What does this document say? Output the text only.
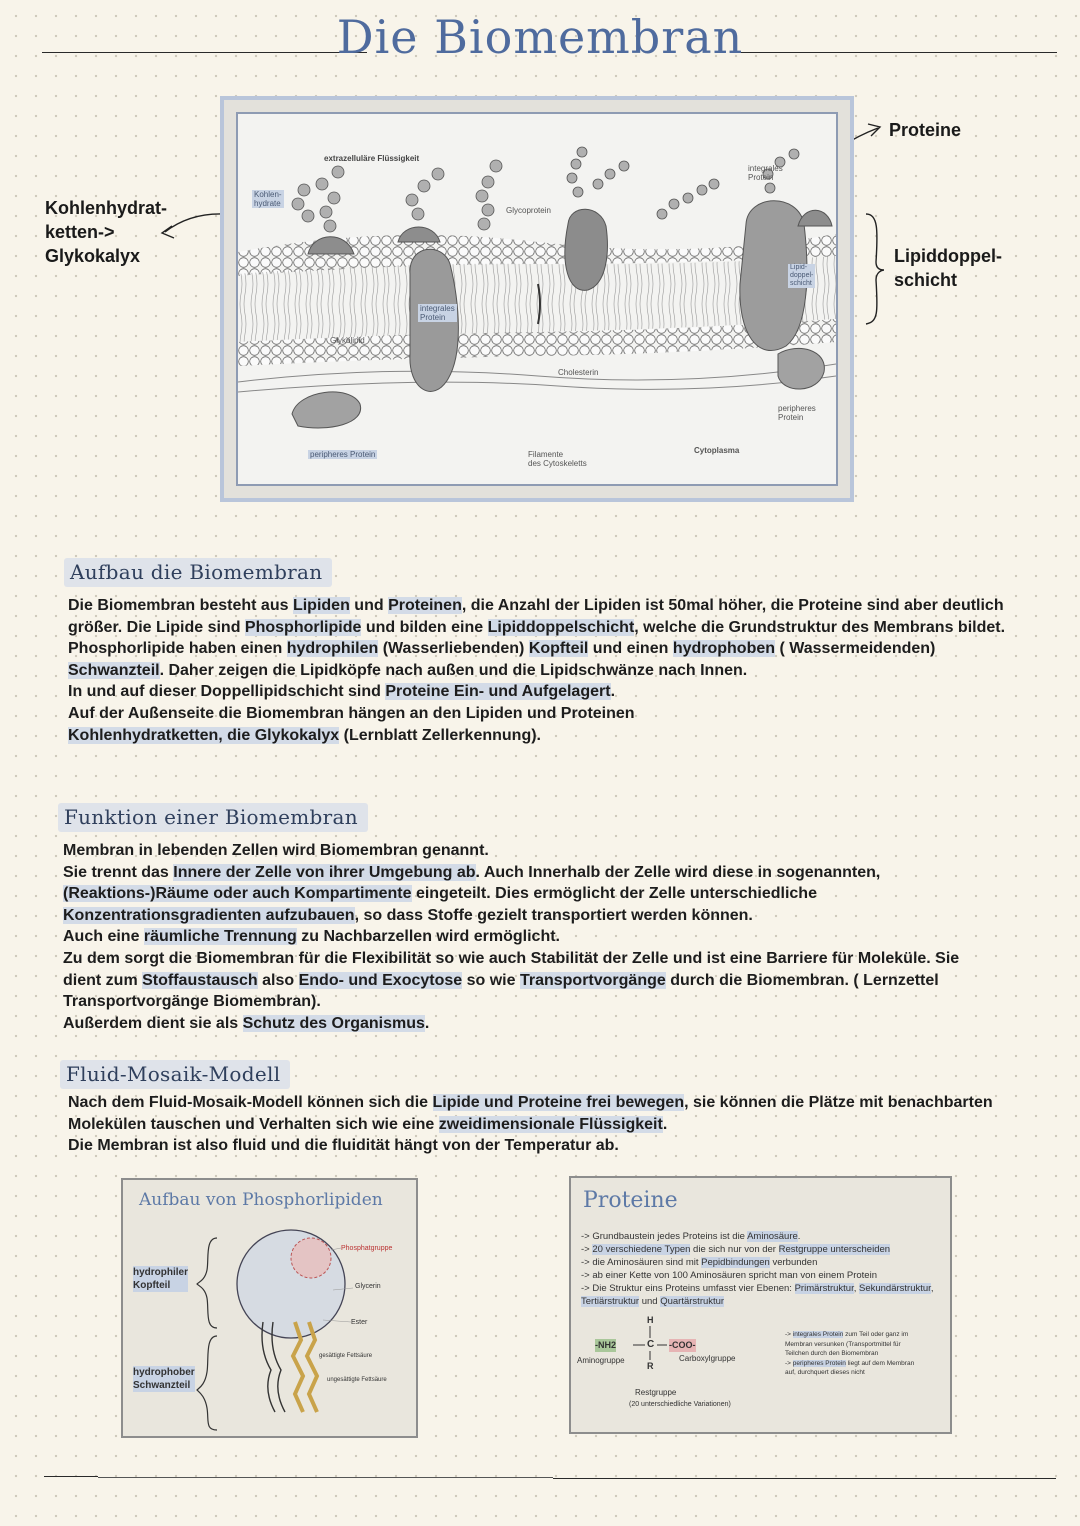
Die Biomembran
Kohlenhydrat-
ketten->
Glykokalyx
Proteine
Lipiddoppel-
schicht
extrazelluläre Flüssigkeit
Kohlen-
hydrate
Glycoprotein
integrales
Protein
integrales
Protein
Lipid-
doppel-
schicht
Glykolipid
Cholesterin
peripheres
Protein
peripheres Protein	Filamente
des Cytoskeletts
Cytoplasma
Aufbau die Biomembran

Die Biomembran besteht aus Lipiden und Proteinen, die Anzahl der Lipiden ist 50mal höher, die Proteine sind aber deutlich größer. Die Lipide sind Phosphorlipide und bilden eine Lipiddoppelschicht, welche die Grundstruktur des Membrans bildet.

Phosphorlipide haben einen hydrophilen (Wasserliebenden) Kopfteil und einen hydrophoben ( Wassermeidenden) Schwanzteil. Daher zeigen die Lipidköpfe nach außen und die Lipidschwänze nach Innen.

In und auf dieser Doppellipidschicht sind Proteine Ein- und Aufgelagert.

Auf der Außenseite die Biomembran hängen an den Lipiden und Proteinen

Kohlenhydratketten, die Glykokalyx (Lernblatt Zellerkennung).

Funktion einer Biomembran

Membran in lebenden Zellen wird Biomembran genannt.

Sie trennt das Innere der Zelle von ihrer Umgebung ab. Auch Innerhalb der Zelle wird diese in sogenannten, (Reaktions-)Räume oder auch Kompartimente eingeteilt. Dies ermöglicht der Zelle unterschiedliche Konzentrationsgradienten aufzubauen, so dass Stoffe gezielt transportiert werden können.

Auch eine räumliche Trennung zu Nachbarzellen wird ermöglicht.

Zu dem sorgt die Biomembran für die Flexibilität so wie auch Stabilität der Zelle und ist eine Barriere für Moleküle. Sie dient zum Stoffaustausch also Endo- und Exocytose so wie Transportvorgänge durch die Biomembran. ( Lernzettel Transportvorgänge Biomembran).

Außerdem dient sie als Schutz des Organismus.

Fluid-Mosaik-Modell

Nach dem Fluid-Mosaik-Modell können sich die Lipide und Proteine frei bewegen, sie können die Plätze mit benachbarten Molekülen tauschen und Verhalten sich wie eine zweidimensionale Flüssigkeit.

Die Membran ist also fluid und die fluidität hängt von der Temperatur ab.

Aufbau von Phosphorlipiden
hydrophiler
Kopfteil
hydrophober
Schwanzteil
Phosphatgruppe
Glycerin
Ester
gesättigte Fettsäure
ungesättigte Fettsäure
Proteine
-> Grundbaustein jedes Proteins ist die Aminosäure.
-> 20 verschiedene Typen die sich nur von der Restgruppe unterscheiden
-> die Aminosäuren sind mit Pepidbindungen verbunden
-> ab einer Kette von 100 Aminosäuren spricht man von einem Protein
-> Die Struktur eins Proteins umfasst vier Ebenen: Primärstruktur, Sekundärstruktur, Tertiärstruktur und Quartärstruktur
H
C
R
-NH2
Aminogruppe
-COO-
Carboxylgruppe
Restgruppe
(20 unterschiedliche Variationen)
-> integrales Protein zum Teil oder ganz im Membran versunken (Transportmittel für Teilchen durch den Biomembran
-> peripheres Protein liegt auf dem Membran auf, durchquert dieses nicht
